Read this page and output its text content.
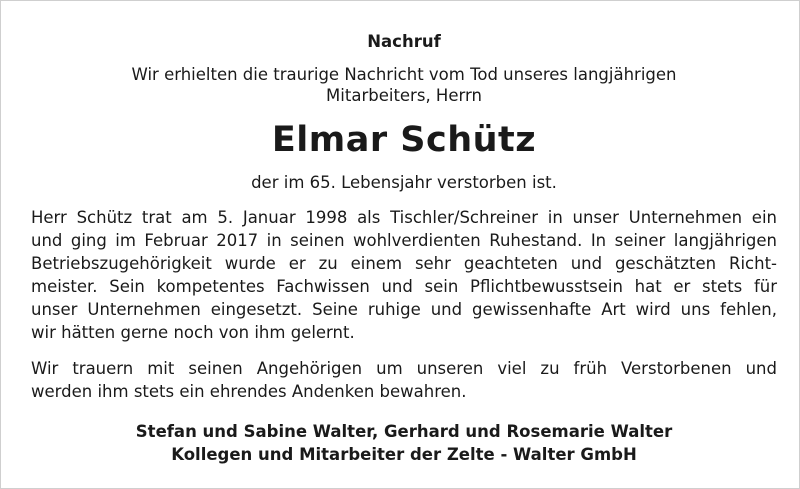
Nachruf

Wir erhielten die traurige Nachricht vom Tod unseres langjährigen

Mitarbeiters, Herrn

Elmar Schütz

der im 65. Lebensjahr verstorben ist.

Herr Schütz trat am 5. Januar 1998 als Tischler/Schreiner in unser Unternehmen ein

und ging im Februar 2017 in seinen wohlverdienten Ruhestand. In seiner langjährigen

Betriebszugehörigkeit wurde er zu einem sehr geachteten und geschätzten Richt-

meister. Sein kompetentes Fachwissen und sein Pflichtbewusstsein hat er stets für

unser Unternehmen eingesetzt. Seine ruhige und gewissenhafte Art wird uns fehlen,

wir hätten gerne noch von ihm gelernt.

Wir trauern mit seinen Angehörigen um unseren viel zu früh Verstorbenen und

werden ihm stets ein ehrendes Andenken bewahren.

Stefan und Sabine Walter, Gerhard und Rosemarie Walter

Kollegen und Mitarbeiter der Zelte - Walter GmbH
